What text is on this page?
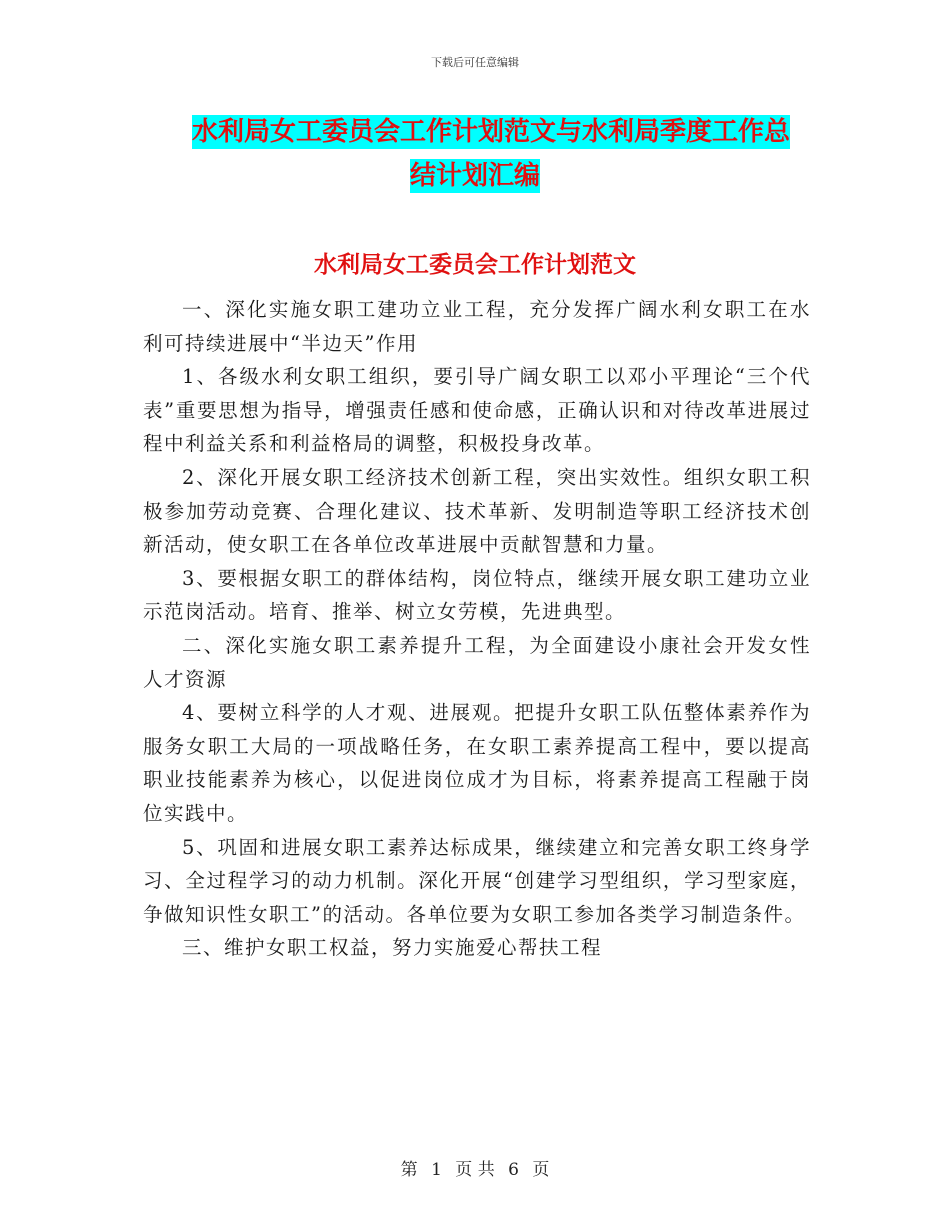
下载后可任意编辑
水利局女工委员会工作计划范文与水利局季度工作总
结计划汇编
水利局女工委员会工作计划范文

一、深化实施女职工建功立业工程，充分发挥广阔水利女职工在水利可持续进展中“半边天”作用

1、各级水利女职工组织，要引导广阔女职工以邓小平理论“三个代表”重要思想为指导，增强责任感和使命感，正确认识和对待改革进展过程中利益关系和利益格局的调整，积极投身改革。

2、深化开展女职工经济技术创新工程，突出实效性。组织女职工积极参加劳动竞赛、合理化建议、技术革新、发明制造等职工经济技术创新活动，使女职工在各单位改革进展中贡献智慧和力量。

3、要根据女职工的群体结构，岗位特点，继续开展女职工建功立业示范岗活动。培育、推举、树立女劳模，先进典型。

二、深化实施女职工素养提升工程，为全面建设小康社会开发女性人才资源

4、要树立科学的人才观、进展观。把提升女职工队伍整体素养作为服务女职工大局的一项战略任务，在女职工素养提高工程中，要以提高职业技能素养为核心，以促进岗位成才为目标，将素养提高工程融于岗位实践中。

5、巩固和进展女职工素养达标成果，继续建立和完善女职工终身学习、全过程学习的动力机制。深化开展“创建学习型组织，学习型家庭，争做知识性女职工”的活动。各单位要为女职工参加各类学习制造条件。

三、维护女职工权益，努力实施爱心帮扶工程

第 1 页 共 6 页
